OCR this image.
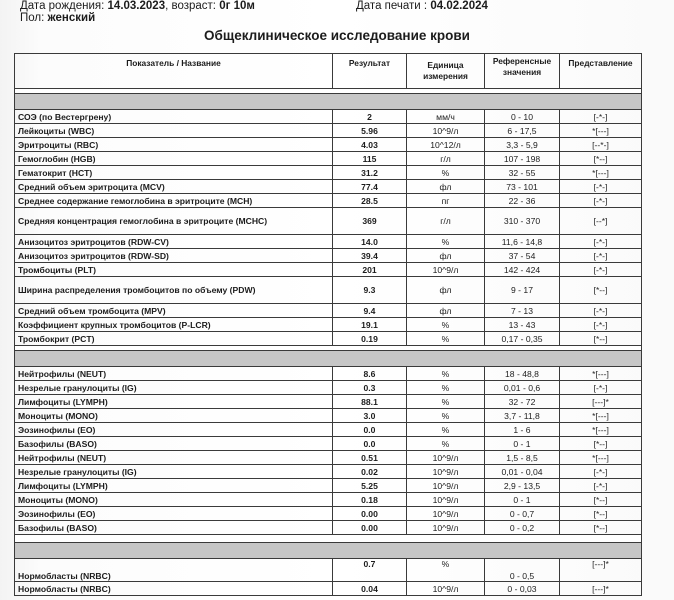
Дата рождения: 14.03.2023, возраст: 0г 10м	Дата печати : 04.02.2024
Пол: женский
Общеклиническое исследование крови
Показатель / Название	Результат	Единица измерения	Референсные значения	Представление

СОЭ (по Вестергрену)	2	мм/ч	0 - 10	[-*-]
Лейкоциты (WBC)	5.96	10^9/л	6 - 17,5	*[---]
Эритроциты (RBC)	4.03	10^12/л	3,3 - 5,9	[--*-]
Гемоглобин (HGB)	115	г/л	107 - 198	[*--]
Гематокрит (HCT)	31.2	%	32 - 55	*[---]
Средний объем эритроцита (MCV)	77.4	фл	73 - 101	[-*-]
Среднее содержание гемоглобина в эритроците (MCH)	28.5	пг	22 - 36	[-*-]
Средняя концентрация гемоглобина в эритроците (MCHC)	369	г/л	310 - 370	[--*]
Анизоцитоз эритроцитов (RDW-CV)	14.0	%	11,6 - 14,8	[-*-]
Анизоцитоз эритроцитов (RDW-SD)	39.4	фл	37 - 54	[-*-]
Тромбоциты (PLT)	201	10^9/л	142 - 424	[-*-]
Ширина распределения тромбоцитов по объему (PDW)	9.3	фл	9 - 17	[*--]
Средний объем тромбоцита (MPV)	9.4	фл	7 - 13	[-*-]
Коэффициент крупных тромбоцитов (P-LCR)	19.1	%	13 - 43	[-*-]
Тромбокрит (PCT)	0.19	%	0,17 - 0,35	[*--]

Нейтрофилы (NEUT)	8.6	%	18 - 48,8	*[---]
Незрелые гранулоциты (IG)	0.3	%	0,01 - 0,6	[-*-]
Лимфоциты (LYMPH)	88.1	%	32 - 72	[---]*
Моноциты (MONO)	3.0	%	3,7 - 11,8	*[---]
Эозинофилы (EO)	0.0	%	1 - 6	*[---]
Базофилы (BASO)	0.0	%	0 - 1	[*--]
Нейтрофилы (NEUT)	0.51	10^9/л	1,5 - 8,5	*[---]
Незрелые гранулоциты (IG)	0.02	10^9/л	0,01 - 0,04	[-*-]
Лимфоциты (LYMPH)	5.25	10^9/л	2,9 - 13,5	[-*-]
Моноциты (MONO)	0.18	10^9/л	0 - 1	[*--]
Эозинофилы (EO)	0.00	10^9/л	0 - 0,7	[*--]
Базофилы (BASO)	0.00	10^9/л	0 - 0,2	[*--]

Нормобласты (NRBC)	0.7	%	0 - 0,5	[---]*
Нормобласты (NRBC)	0.04	10^9/л	0 - 0,03	[---]*
